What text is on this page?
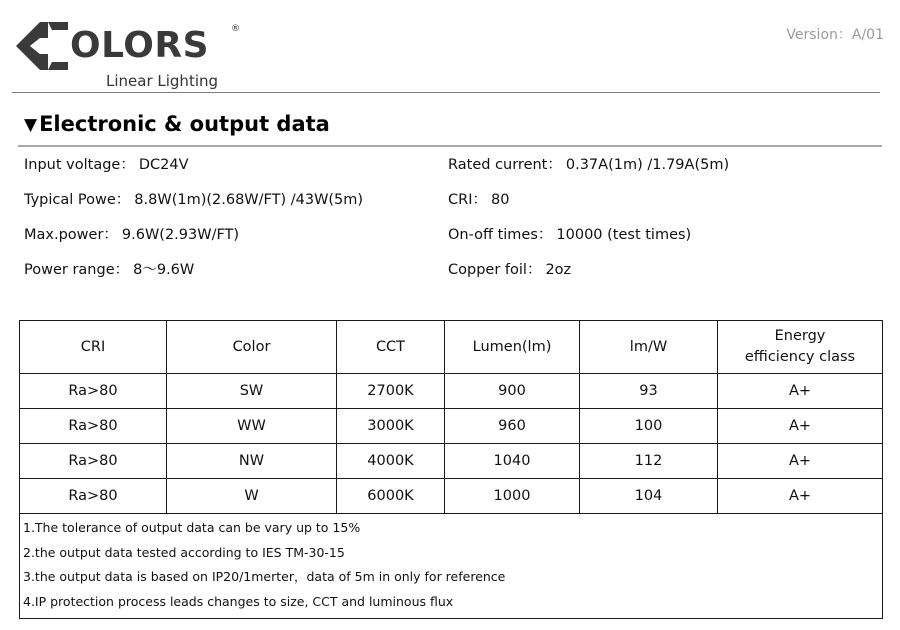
OLORS ®
Linear Lighting
Version：A/01
▼Electronic & output data
Input voltage： DC24V
Typical Powe： 8.8W(1m)(2.68W/FT) /43W(5m)
Max.power： 9.6W(2.93W/FT)
Power range： 8～9.6W
Rated current： 0.37A(1m) /1.79A(5m)
CRI： 80
On-off times： 10000 (test times)
Copper foil： 2oz
CRI	Color	CCT	Lumen(lm)	lm/W	Energy
efficiency class

Ra>80	SW	2700K	900	93	A+
Ra>80	WW	3000K	960	100	A+
Ra>80	NW	4000K	1040	112	A+
Ra>80	W	6000K	1000	104	A+

1.The tolerance of output data can be vary up to 15%
2.the output data tested according to IES TM-30-15
3.the output data is based on IP20/1merter，data of 5m in only for reference
4.IP protection process leads changes to size, CCT and luminous flux					
